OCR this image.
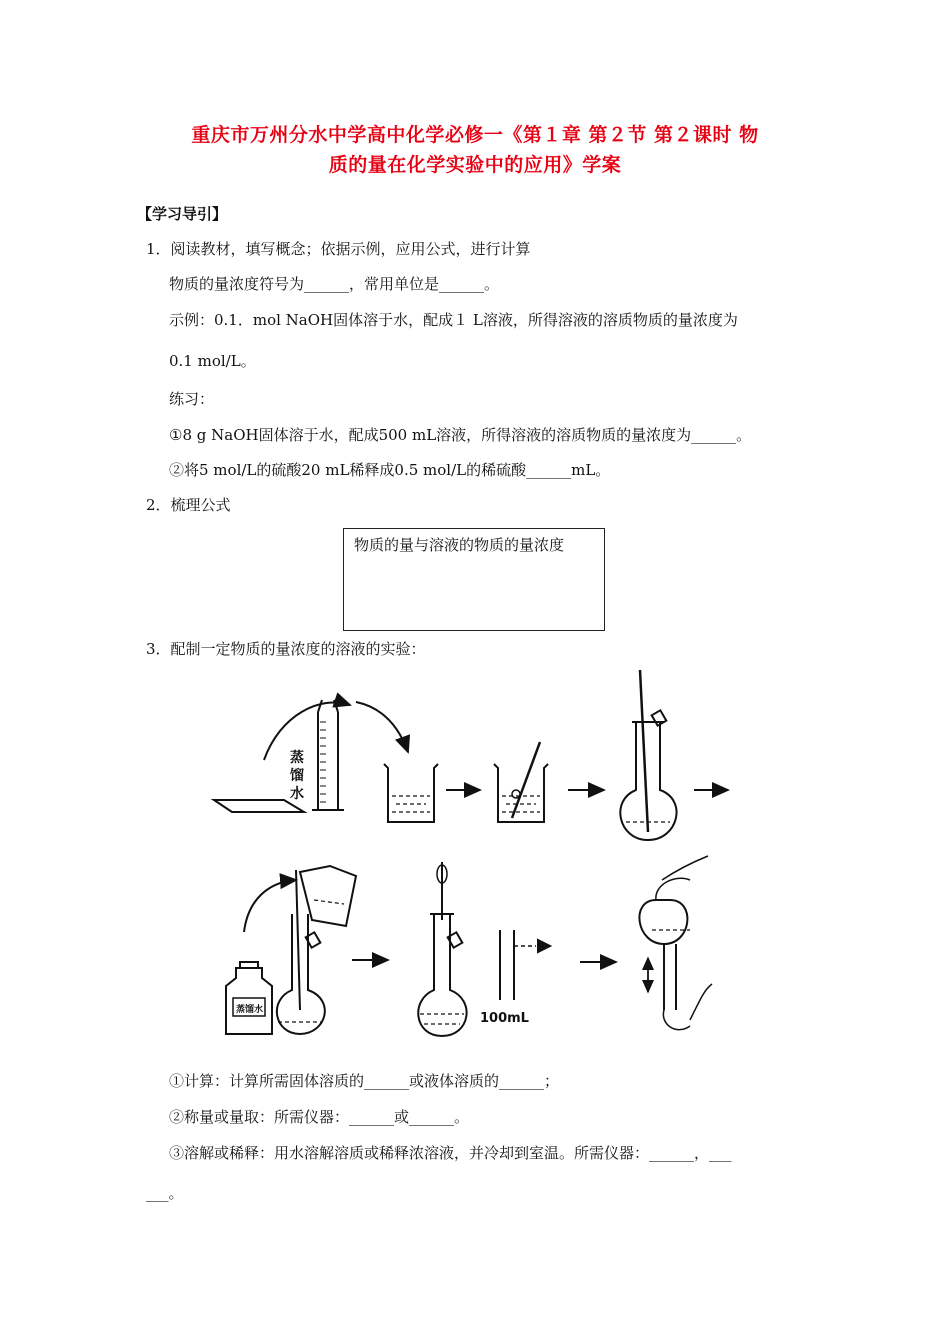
重庆市万州分水中学高中化学必修一《第１章 第２节 第２课时 物
质的量在化学实验中的应用》学案
【学习导引】
1．阅读教材，填写概念；依据示例，应用公式，进行计算
物质的量浓度符号为______，常用单位是______。
示例：0.1．mol NaOH固体溶于水，配成１ L溶液，所得溶液的溶质物质的量浓度为
0.1 mol/L。
练习：
①8 g NaOH固体溶于水，配成500 mL溶液，所得溶液的溶质物质的量浓度为______。
②将5 mol/L的硫酸20 mL稀释成0.5 mol/L的稀硫酸______mL。
2．梳理公式
物质的量与溶液的物质的量浓度
3．配制一定物质的量浓度的溶液的实验：
蒸
馏
水
蒸馏水
100mL
①计算：计算所需固体溶质的______或液体溶质的______；
②称量或量取：所需仪器：______或______。
③溶解或稀释：用水溶解溶质或稀释浓溶液，并冷却到室温。所需仪器：______，___
___。
